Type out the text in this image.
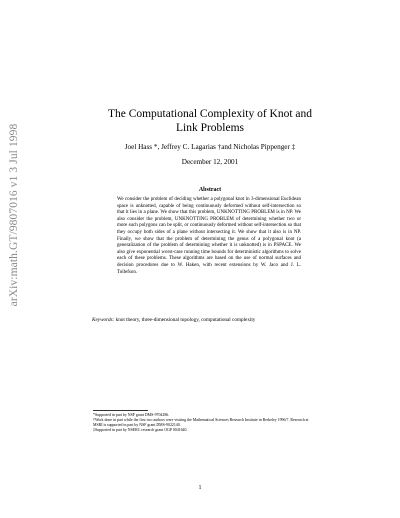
arXiv:math.GT/9807016 v1 3 Jul 1998
The Computational Complexity of Knot and
Link Problems
Joel Hass *, Jeffrey C. Lagarias †and Nicholas Pippenger ‡
December 12, 2001
Abstract
We consider the problem of deciding whether a polygonal knot in 3-dimensional Euclidean space is unknotted, capable of being continuously deformed without self-intersection so that it lies in a plane. We show that this problem, UNKNOTTING PROBLEM is in NP. We also consider the problem, UNKNOTTING PROBLEM of determining whether two or more such polygons can be split, or continuously deformed without self-intersection so that they occupy both sides of a plane without intersecting it. We show that it also is in NP. Finally, we show that the problem of determining the genus of a polygonal knot (a generalization of the problem of determining whether it is unknotted) is in PSPACE. We also give exponential worst-case running time bounds for deterministic algorithms to solve each of these problems. These algorithms are based on the use of normal surfaces and decision procedures due to W. Haken, with recent extensions by W. Jaco and J. L. Tollefson.
Keywords: knot theory, three-dimensional topology, computational complexity
*Supported in part by NSF grant DMS-9704286.
†Work done in part while the first two authors were visiting the Mathematical Sciences Research Institute in Berkeley 1996/7. Research at MSRI is supported in part by NSF grant DMS-9022140.
‡Supported in part by NSERC research grant OGP 0041640.
1
